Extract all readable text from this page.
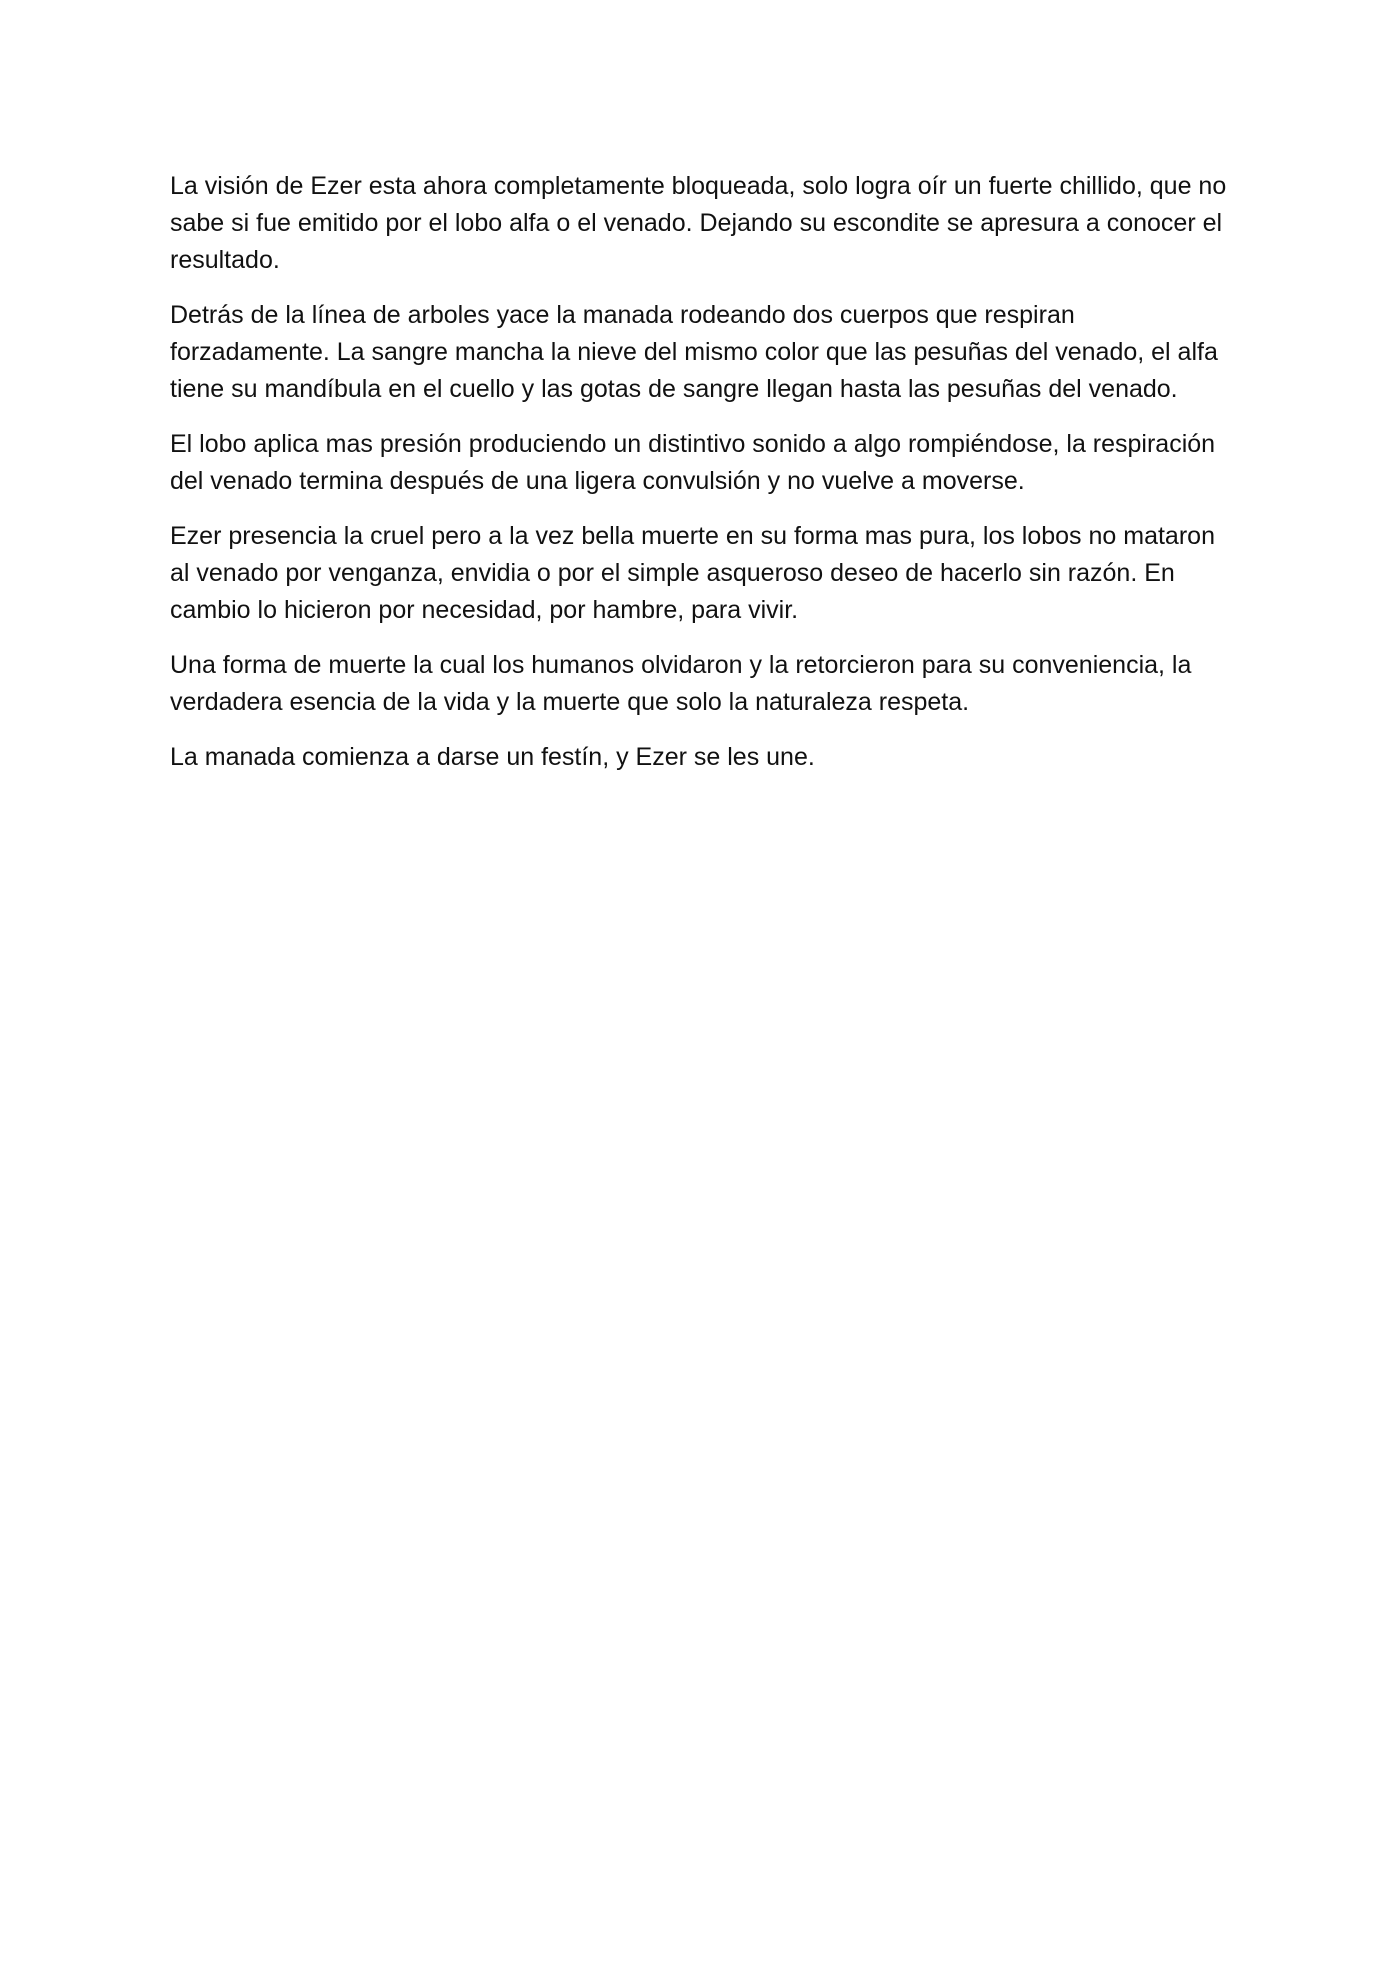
La visión de Ezer esta ahora completamente bloqueada, solo logra oír un fuerte chillido, que no sabe si fue emitido por el lobo alfa o el venado. Dejando su escondite se apresura a conocer el resultado.

Detrás de la línea de arboles yace la manada rodeando dos cuerpos que respiran forzadamente. La sangre mancha la nieve del mismo color que las pesuñas del venado, el alfa tiene su mandíbula en el cuello y las gotas de sangre llegan hasta las pesuñas del venado.

El lobo aplica mas presión produciendo un distintivo sonido a algo rompiéndose, la respiración del venado termina después de una ligera convulsión y no vuelve a moverse.

Ezer presencia la cruel pero a la vez bella muerte en su forma mas pura, los lobos no mataron al venado por venganza, envidia o por el simple asqueroso deseo de hacerlo sin razón. En cambio lo hicieron por necesidad, por hambre, para vivir.

Una forma de muerte la cual los humanos olvidaron y la retorcieron para su conveniencia, la verdadera esencia de la vida y la muerte que solo la naturaleza respeta.

La manada comienza a darse un festín, y Ezer se les une.
